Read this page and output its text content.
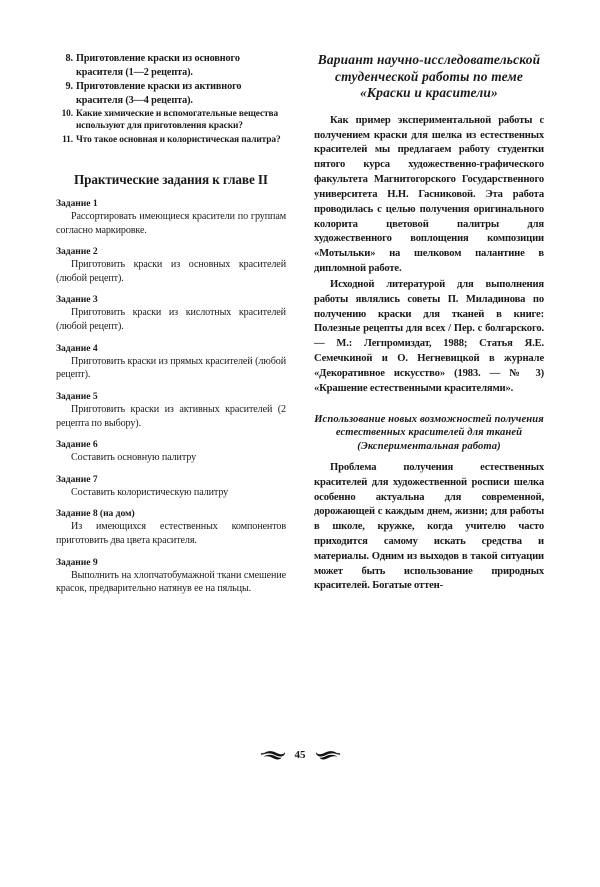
8. Приготовление краски из основного красителя (1—2 рецепта).
9. Приготовление краски из активного красителя (3—4 рецепта).
10. Какие химические и вспомогательные вещества используют для приготовления краски?
11. Что такое основная и колористическая палитра?
Практические задания к главе II
Задание 1
Рассортировать имеющиеся красители по группам согласно маркировке.
Задание 2
Приготовить краски из основных красителей (любой рецепт).
Задание 3
Приготовить краски из кислотных красителей (любой рецепт).
Задание 4
Приготовить краски из прямых красителей (любой рецепт).
Задание 5
Приготовить краски из активных красителей (2 рецепта по выбору).
Задание 6
Составить основную палитру
Задание 7
Составить колористическую палитру
Задание 8 (на дом)
Из имеющихся естественных компонентов приготовить два цвета красителя.
Задание 9
Выполнить на хлопчатобумажной ткани смешение красок, предварительно натянув ее на пяльцы.
Вариант научно-исследовательской студенческой работы по теме «Краски и красители»

Как пример экспериментальной работы с получением краски для шелка из естественных красителей мы предлагаем работу студентки пятого курса художественно-графического факультета Магнитогорского Государственного университета Н.Н. Гасниковой. Эта работа проводилась с целью получения оригинального колорита цветовой палитры для художественного воплощения композиции «Мотыльки» на шелковом палантине в дипломной работе.

Исходной литературой для выполнения работы являлись советы П. Миладинова по получению краски для тканей в книге: Полезные рецепты для всех / Пер. с болгарского. — М.: Легпромиздат, 1988; Статья Я.Е. Семечкиной и О. Негневицкой в журнале «Декоративное искусство» (1983. — № 3) «Крашение естественными красителями».

Использование новых возможностей получения естественных красителей для тканей (Экспериментальная работа)

Проблема получения естественных красителей для художественной росписи шелка особенно актуальна для современной, дорожающей с каждым днем, жизни; для работы в школе, кружке, когда учителю часто приходится самому искать средства и материалы. Одним из выходов в такой ситуации может быть использование природных красителей. Богатые оттен-

45
